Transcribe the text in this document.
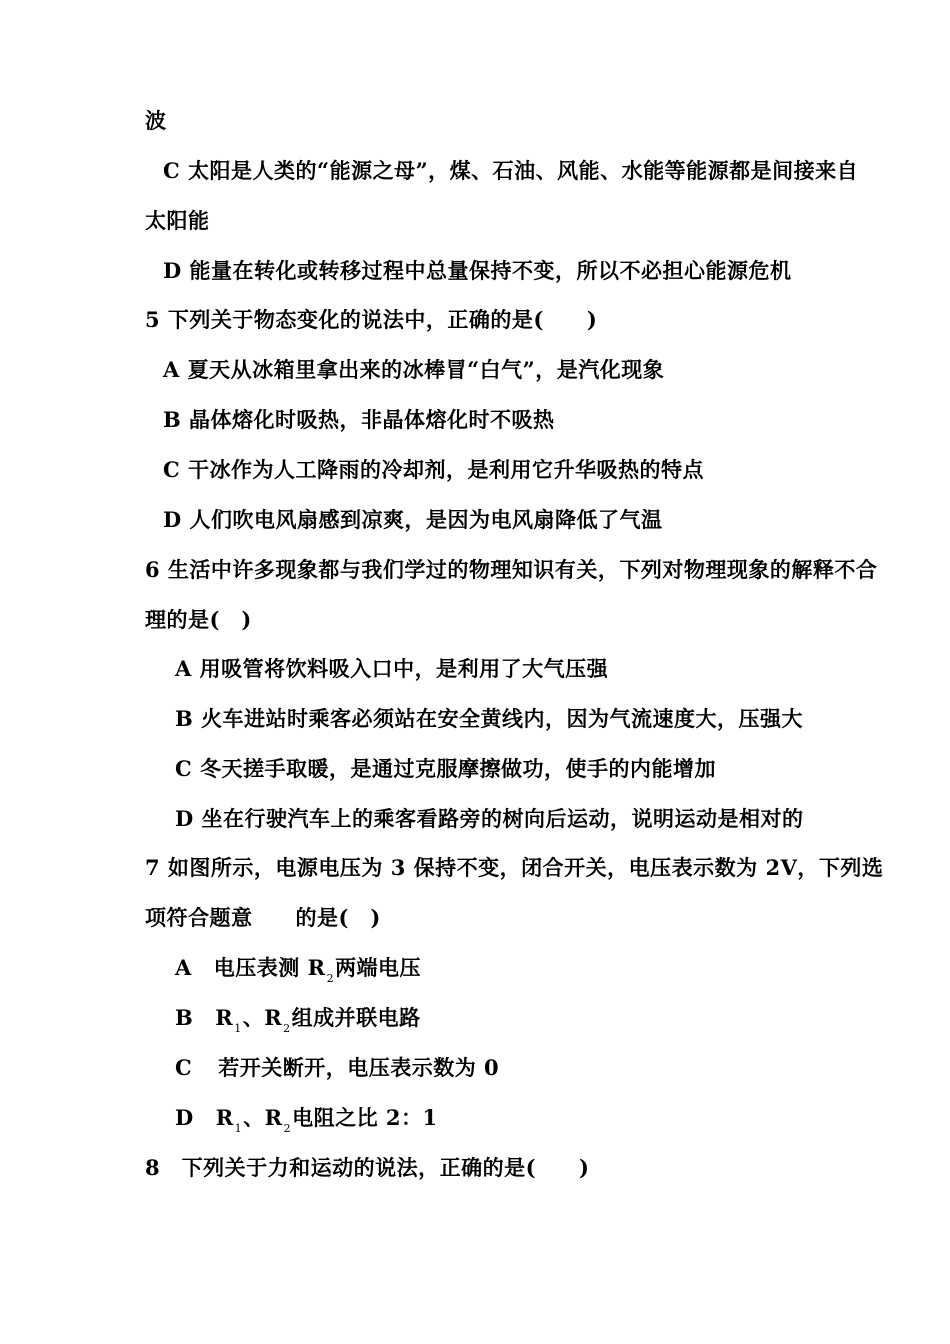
波
C 太阳是人类的“能源之母”，煤、石油、风能、水能等能源都是间接来自
太阳能
D 能量在转化或转移过程中总量保持不变，所以不必担心能源危机
5 下列关于物态变化的说法中，正确的是(　　)
A 夏天从冰箱里拿出来的冰棒冒“白气”，是汽化现象
B 晶体熔化时吸热，非晶体熔化时不吸热
C 干冰作为人工降雨的冷却剂，是利用它升华吸热的特点
D 人们吹电风扇感到凉爽，是因为电风扇降低了气温
6 生活中许多现象都与我们学过的物理知识有关，下列对物理现象的解释不合
理的是(　)
A 用吸管将饮料吸入口中，是利用了大气压强
B 火车进站时乘客必须站在安全黄线内，因为气流速度大，压强大
C 冬天搓手取暖，是通过克服摩擦做功，使手的内能增加
D 坐在行驶汽车上的乘客看路旁的树向后运动，说明运动是相对的
7 如图所示，电源电压为 3 保持不变，闭合开关，电压表示数为 2V，下列选
项符合题意　　的是(　)
A 电压表测 $R_2$两端电压
B $R_1$、$R_2$组成并联电路
C 若开关断开，电压表示数为 0
D $R_1$、$R_2$电阻之比 2：1
8　下列关于力和运动的说法，正确的是(　　)
